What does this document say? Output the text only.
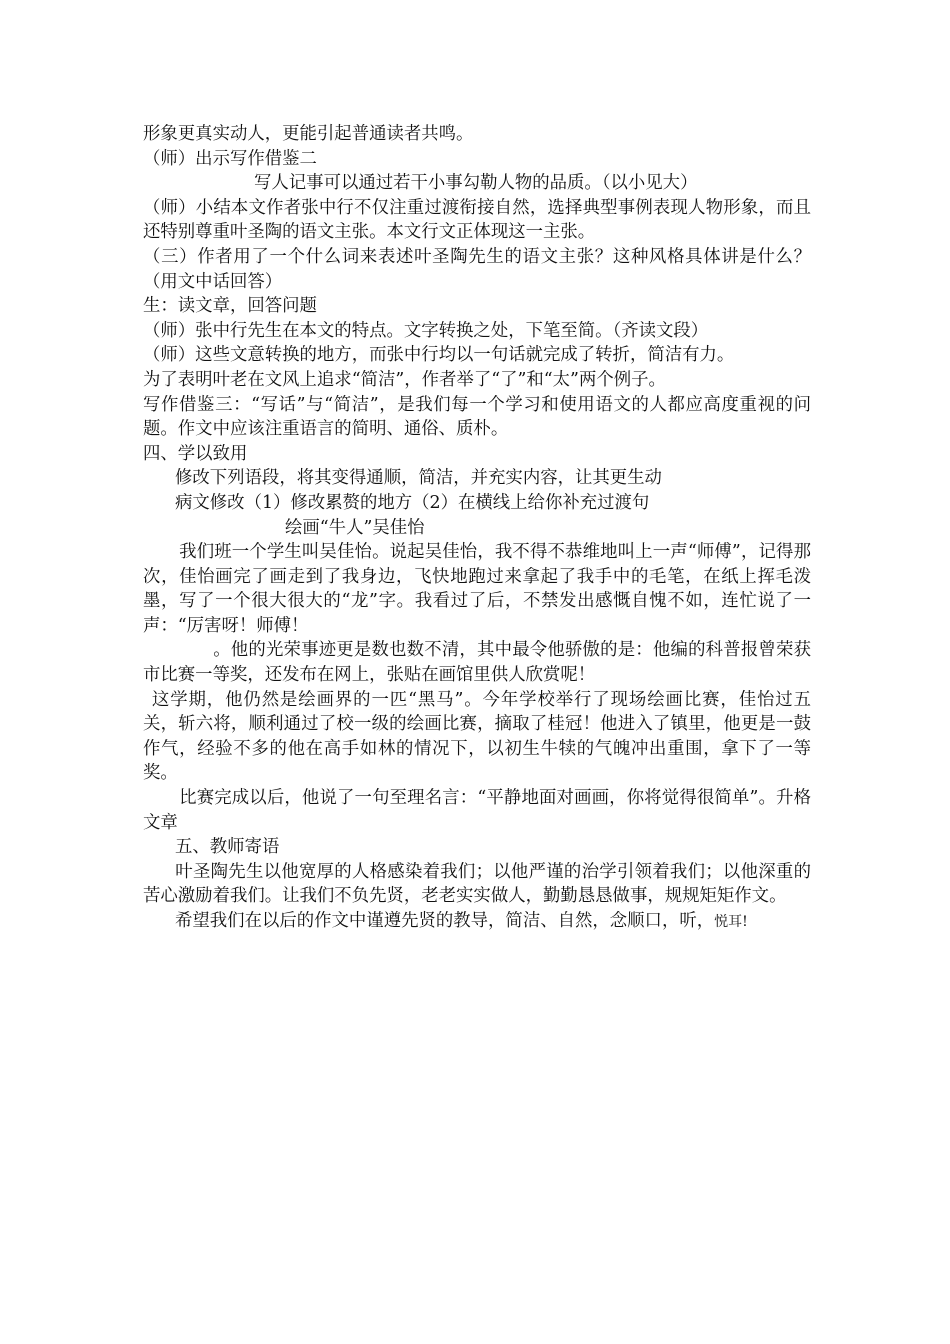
形象更真实动人，更能引起普通读者共鸣。
（师）出示写作借鉴二
写人记事可以通过若干小事勾勒人物的品质。（以小见大）
（师）小结本文作者张中行不仅注重过渡衔接自然，选择典型事例表现人物形象，而且还特别尊重叶圣陶的语文主张。本文行文正体现这一主张。
（三）作者用了一个什么词来表述叶圣陶先生的语文主张？这种风格具体讲是什么？（用文中话回答）
生：读文章，回答问题
（师）张中行先生在本文的特点。文字转换之处，下笔至简。（齐读文段）
（师）这些文意转换的地方，而张中行均以一句话就完成了转折，简洁有力。
为了表明叶老在文风上追求“简洁”，作者举了“了”和“太”两个例子。
写作借鉴三：“写话”与“简洁”，是我们每一个学习和使用语文的人都应高度重视的问题。作文中应该注重语言的简明、通俗、质朴。
四、学以致用
修改下列语段，将其变得通顺，简洁，并充实内容，让其更生动
病文修改（1）修改累赘的地方（2）在横线上给你补充过渡句
绘画“牛人”吴佳怡
我们班一个学生叫吴佳怡。说起吴佳怡，我不得不恭维地叫上一声“师傅”，记得那次，佳怡画完了画走到了我身边，飞快地跑过来拿起了我手中的毛笔，在纸上挥毛泼墨，写了一个很大很大的“龙”字。我看过了后，不禁发出感慨自愧不如，连忙说了一声：“厉害呀！师傅！
。他的光荣事迹更是数也数不清，其中最令他骄傲的是：他编的科普报曾荣获市比赛一等奖，还发布在网上，张贴在画馆里供人欣赏呢！
这学期，他仍然是绘画界的一匹“黑马”。今年学校举行了现场绘画比赛，佳怡过五关，斩六将，顺利通过了校一级的绘画比赛，摘取了桂冠！他进入了镇里，他更是一鼓作气，经验不多的他在高手如林的情况下，以初生牛犊的气魄冲出重围，拿下了一等奖。
比赛完成以后，他说了一句至理名言：“平静地面对画画，你将觉得很简单”。升格文章
五、教师寄语
叶圣陶先生以他宽厚的人格感染着我们；以他严谨的治学引领着我们；以他深重的苦心激励着我们。让我们不负先贤，老老实实做人，勤勤恳恳做事，规规矩矩作文。
希望我们在以后的作文中谨遵先贤的教导，简洁、自然，念顺口，听，悦耳!
